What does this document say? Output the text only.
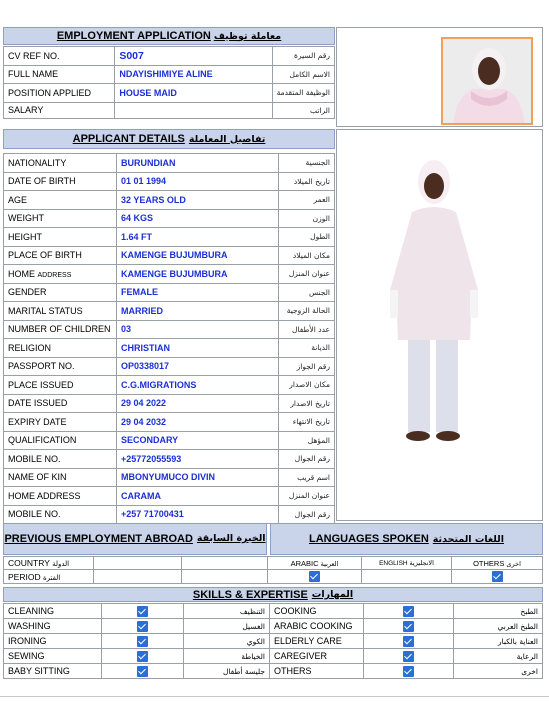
EMPLOYMENT APPLICATION معاملة توظيف
CV REF NO.	S007	رقم السيرة
FULL NAME	NDAYISHIMIYE ALINE	الاسم الكامل
POSITION APPLIED	HOUSE MAID	الوظيفة المتقدمة
SALARY		الراتب
APPLICANT DETAILS تفاصيل المعاملة
NATIONALITY	BURUNDIAN	الجنسية
DATE OF BIRTH	01 01 1994	تاريخ الميلاد
AGE	32 YEARS OLD	العمر
WEIGHT	64 KGS	الوزن
HEIGHT	1.64 FT	الطول
PLACE OF BIRTH	KAMENGE BUJUMBURA	مكان الميلاد
HOME ADDRESS	KAMENGE BUJUMBURA	عنوان المنزل
GENDER	FEMALE	الجنس
MARITAL STATUS	MARRIED	الحالة الزوجية
NUMBER OF CHILDREN	03	عدد الأطفال
RELIGION	CHRISTIAN	الديانة
PASSPORT NO.	OP0338017	رقم الجواز
PLACE ISSUED	C.G.MIGRATIONS	مكان الاصدار
DATE ISSUED	29 04 2022	تاريخ الاصدار
EXPIRY DATE	29 04 2032	تاريخ الانتهاء
QUALIFICATION	SECONDARY	المؤهل
MOBILE NO.	+25772055593	رقم الجوال
NAME OF KIN	MBONYUMUCO DIVIN	اسم قريب
HOME ADDRESS	CARAMA	عنوان المنزل
MOBILE NO.	+257 71700431	رقم الجوال
PREVIOUS EMPLOYMENT ABROAD الخبرة السابقة	LANGUAGES SPOKEN اللغات المتحدثة
COUNTRY الدولة			ARABIC العربية	ENGLISH الانجليزية	OTHERS اخرى
PERIOD الفترة					
SKILLS & EXPERTISE المهارات
CLEANING		التنظيف	COOKING		الطبخ
WASHING		الغسيل	ARABIC COOKING		الطبخ العربي
IRONING		الكوي	ELDERLY CARE		العناية بالكبار
SEWING		الخياطة	CAREGIVER		الرعاية
BABY SITTING		جليسة أطفال	OTHERS		اخرى
